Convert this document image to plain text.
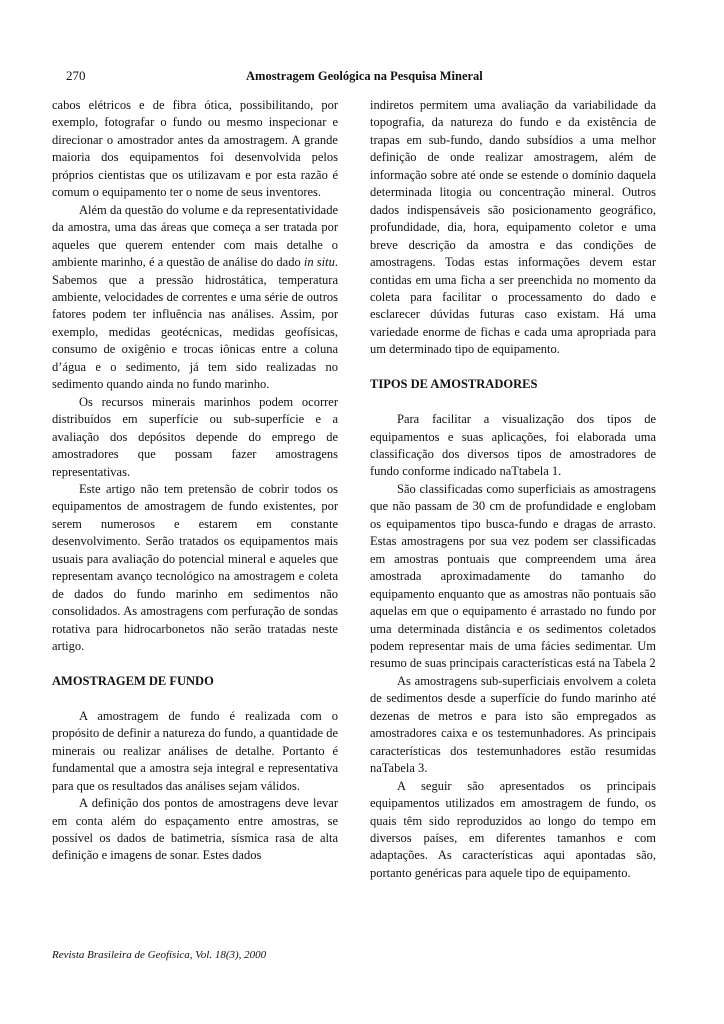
270	Amostragem Geológica na Pesquisa Mineral

cabos elétricos e de fibra ótica, possibilitando, por exemplo, fotografar o fundo ou mesmo inspecionar e direcionar o amostrador antes da amostragem. A grande maioria dos equipamentos foi desenvolvida pelos próprios cientistas que os utilizavam e por esta razão é comum o equipamento ter o nome de seus inventores.

Além da questão do volume e da representatividade da amostra, uma das áreas que começa a ser tratada por aqueles que querem entender com mais detalhe o ambiente marinho, é a questão de análise do dado in situ. Sabemos que a pressão hidrostática, temperatura ambiente, velocidades de correntes e uma série de outros fatores podem ter influência nas análises. Assim, por exemplo, medidas geotécnicas, medidas geofísicas, consumo de oxigênio e trocas iônicas entre a coluna d’água e o sedimento, já tem sido realizadas no sedimento quando ainda no fundo marinho.

Os recursos minerais marinhos podem ocorrer distribuídos em superfície ou sub-superfície e a avaliação dos depósitos depende do emprego de amostradores que possam fazer amostragens representativas.

Este artigo não tem pretensão de cobrir todos os equipamentos de amostragem de fundo existentes, por serem numerosos e estarem em constante desenvolvimento. Serão tratados os equipamentos mais usuais para avaliação do potencial mineral e aqueles que representam avanço tecnológico na amostragem e coleta de dados do fundo marinho em sedimentos não consolidados. As amostragens com perfuração de sondas rotativa para hidrocarbonetos não serão tratadas neste artigo.

AMOSTRAGEM DE FUNDO

A amostragem de fundo é realizada com o propósito de definir a natureza do fundo, a quantidade de minerais ou realizar análises de detalhe. Portanto é fundamental que a amostra seja integral e representativa para que os resultados das análises sejam válidos.

A definição dos pontos de amostragens deve levar em conta além do espaçamento entre amostras, se possível os dados de batimetria, sísmica rasa de alta definição e imagens de sonar. Estes dados

indiretos permitem uma avaliação da variabilidade da topografia, da natureza do fundo e da existência de trapas em sub-fundo, dando subsídios a uma melhor definição de onde realizar amostragem, além de informação sobre até onde se estende o domínio daquela determinada litogia ou concentração mineral. Outros dados indispensáveis são posicionamento geográfico, profundidade, dia, hora, equipamento coletor e uma breve descrição da amostra e das condições de amostragens. Todas estas informações devem estar contidas em uma ficha a ser preenchida no momento da coleta para facilitar o processamento do dado e esclarecer dúvidas futuras caso existam. Há uma variedade enorme de fichas e cada uma apropriada para um determinado tipo de equipamento.

TIPOS DE AMOSTRADORES

Para facilitar a visualização dos tipos de equipamentos e suas aplicações, foi elaborada uma classificação dos diversos tipos de amostradores de fundo conforme indicado naTtabela 1.

São classificadas como superficiais as amostragens que não passam de 30 cm de profundidade e englobam os equipamentos tipo busca-fundo e dragas de arrasto. Estas amostragens por sua vez podem ser classificadas em amostras pontuais que compreendem uma área amostrada aproximadamente do tamanho do equipamento enquanto que as amostras não pontuais são aquelas em que o equipamento é arrastado no fundo por uma determinada distância e os sedimentos coletados podem representar mais de uma fácies sedimentar. Um resumo de suas principais características está na Tabela 2

As amostragens sub-superficiais envolvem a coleta de sedimentos desde a superfície do fundo marinho até dezenas de metros e para isto são empregados as amostradores caixa e os testemunhadores. As principais características dos testemunhadores estão resumidas naTabela 3.

A seguir são apresentados os principais equipamentos utilizados em amostragem de fundo, os quais têm sido reproduzidos ao longo do tempo em diversos países, em diferentes tamanhos e com adaptações. As características aqui apontadas são, portanto genéricas para aquele tipo de equipamento.

Revista Brasileira de Geofísica, Vol. 18(3), 2000
